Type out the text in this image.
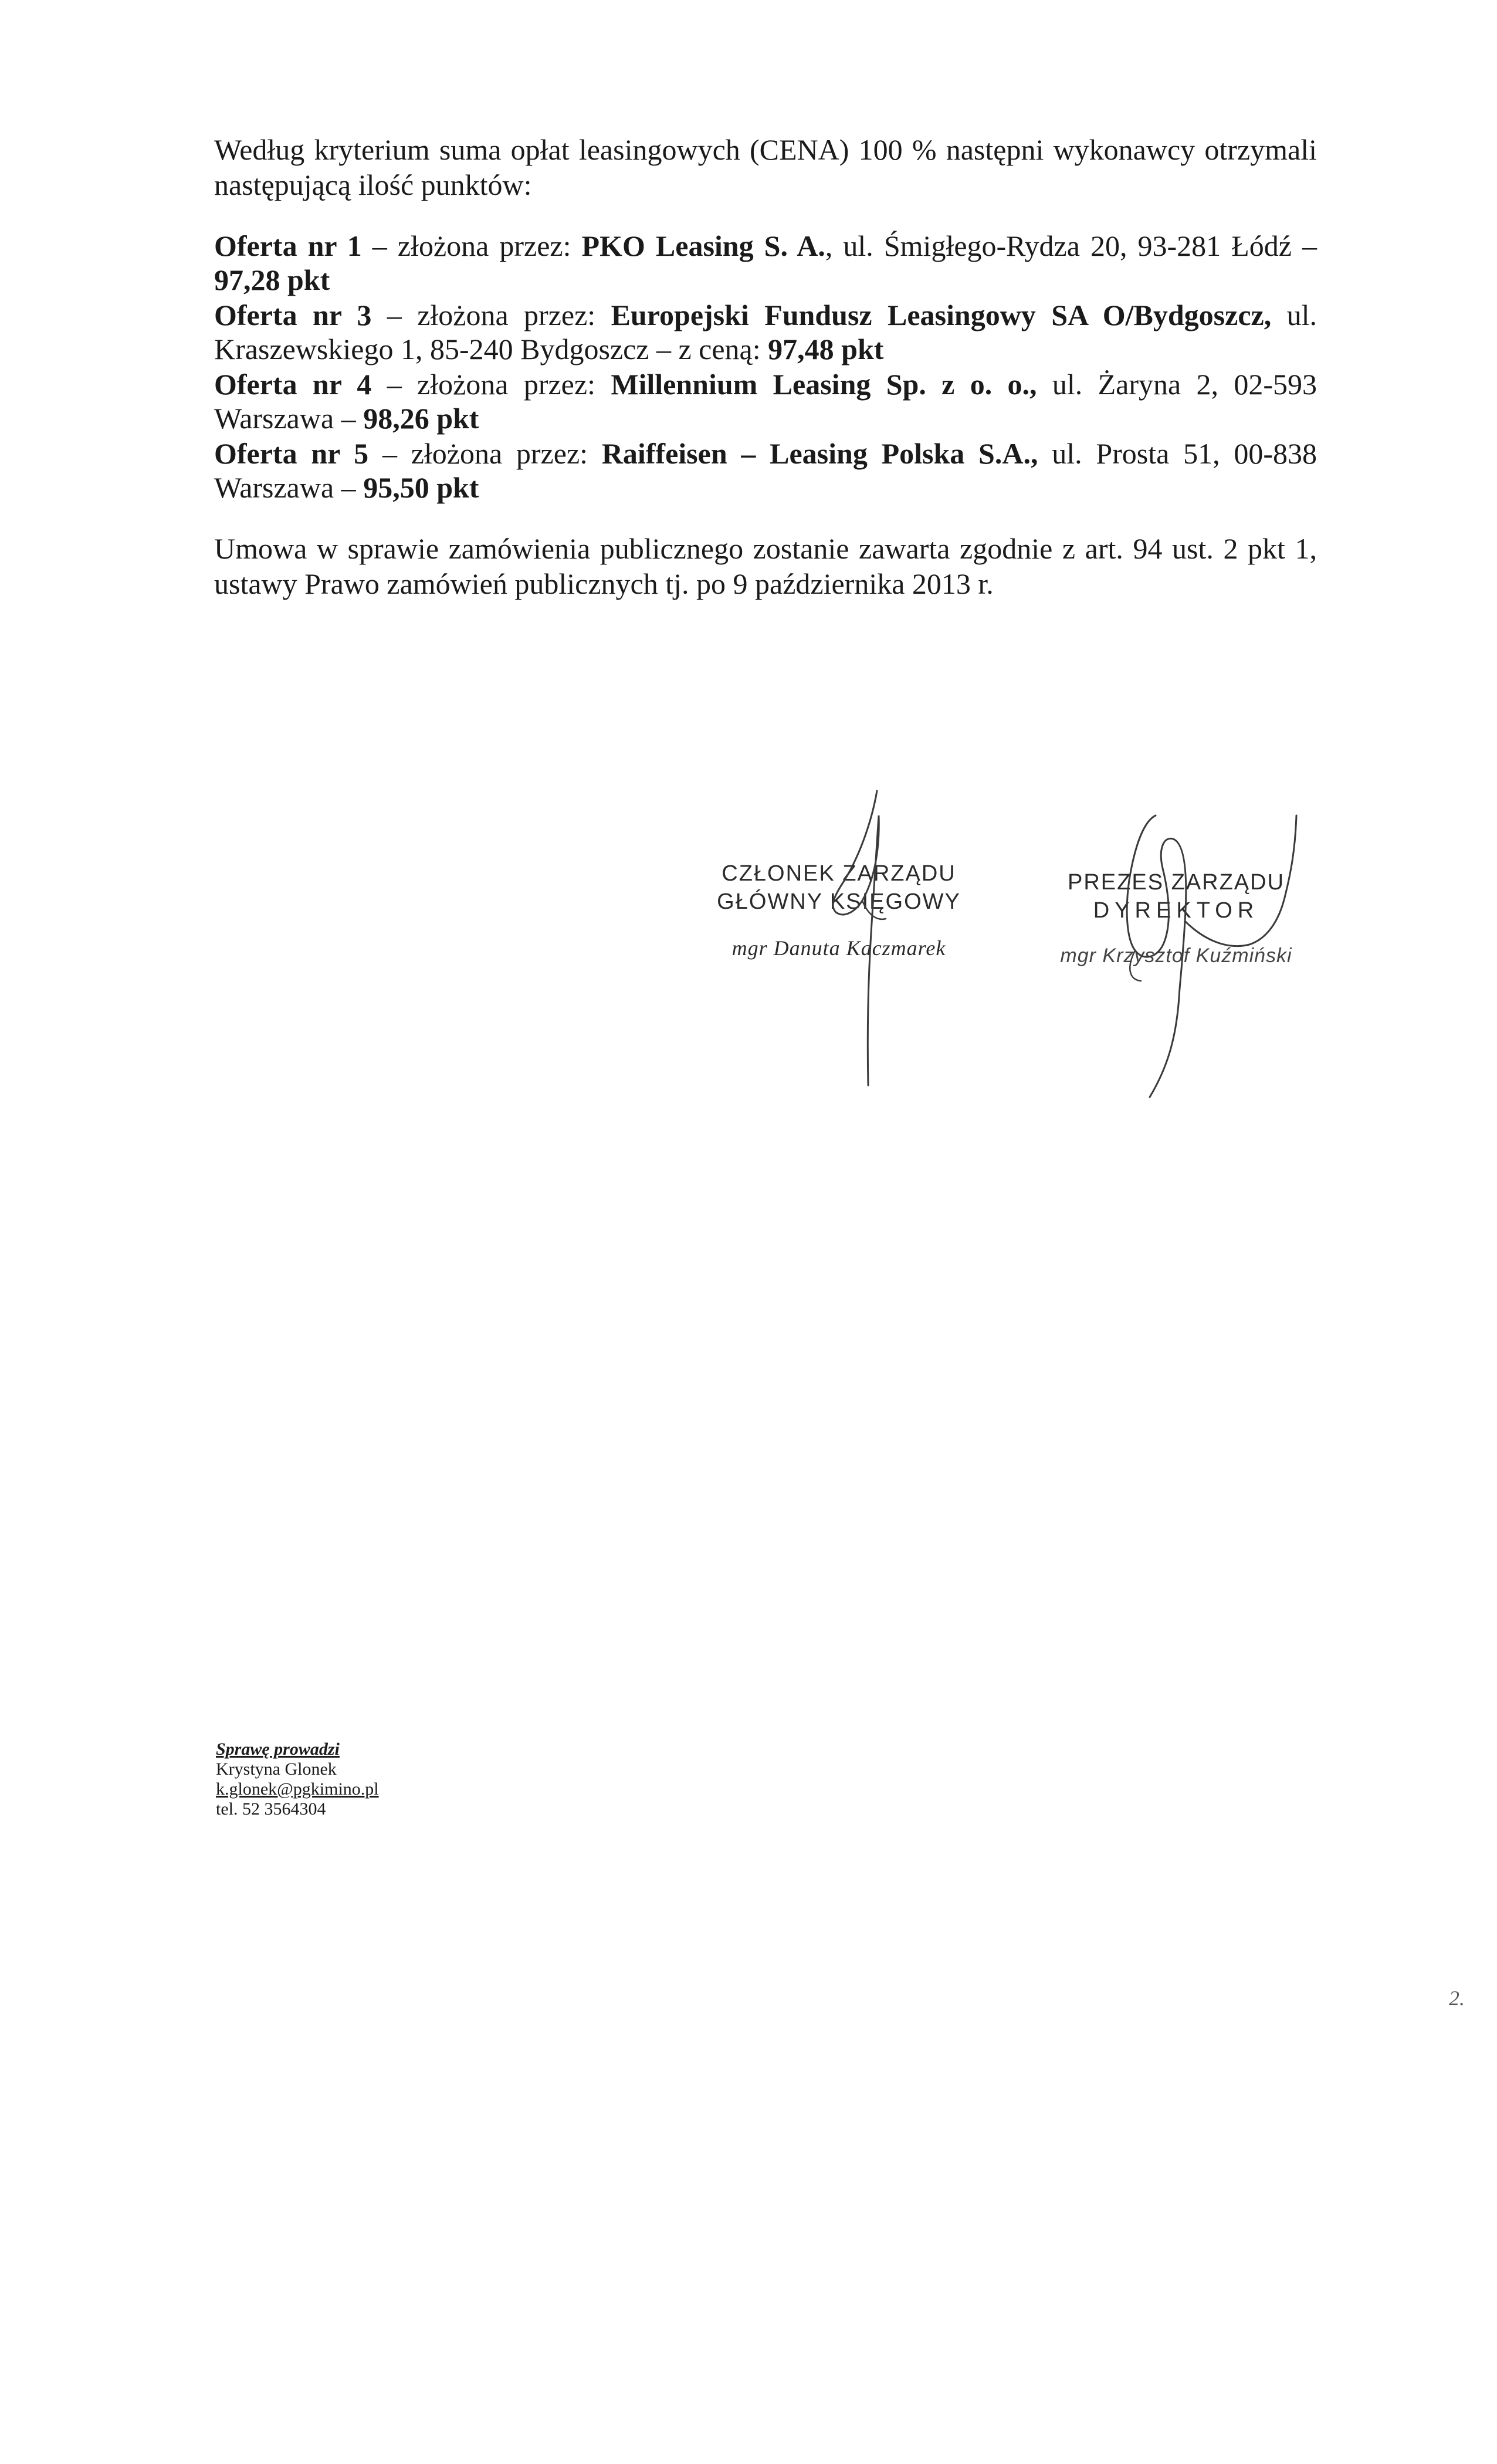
Według kryterium suma opłat leasingowych (CENA) 100 % następni wykonawcy otrzymali
następującą ilość punktów:
Oferta nr 1 – złożona przez: PKO Leasing S. A., ul. Śmigłego-Rydza 20, 93-281 Łódź –
97,28 pkt
Oferta nr 3 – złożona przez: Europejski Fundusz Leasingowy SA O/Bydgoszcz, ul.
Kraszewskiego 1, 85-240 Bydgoszcz – z ceną: 97,48 pkt
Oferta nr 4 – złożona przez: Millennium Leasing Sp. z o. o., ul. Żaryna 2, 02-593
Warszawa – 98,26 pkt
Oferta nr 5 – złożona przez: Raiffeisen – Leasing Polska S.A., ul. Prosta 51, 00-838
Warszawa – 95,50 pkt
Umowa w sprawie zamówienia publicznego zostanie zawarta zgodnie z art. 94 ust. 2 pkt 1,
ustawy Prawo zamówień publicznych tj. po 9 października 2013 r.
CZŁONEK ZARZĄDU
GŁÓWNY KSIĘGOWY
mgr Danuta Kaczmarek
PREZES ZARZĄDU
DYREKTOR
mgr Krzysztof Kuźmiński
Sprawę prowadzi
Krystyna Glonek
k.glonek@pgkimino.pl
tel. 52 3564304
2.
